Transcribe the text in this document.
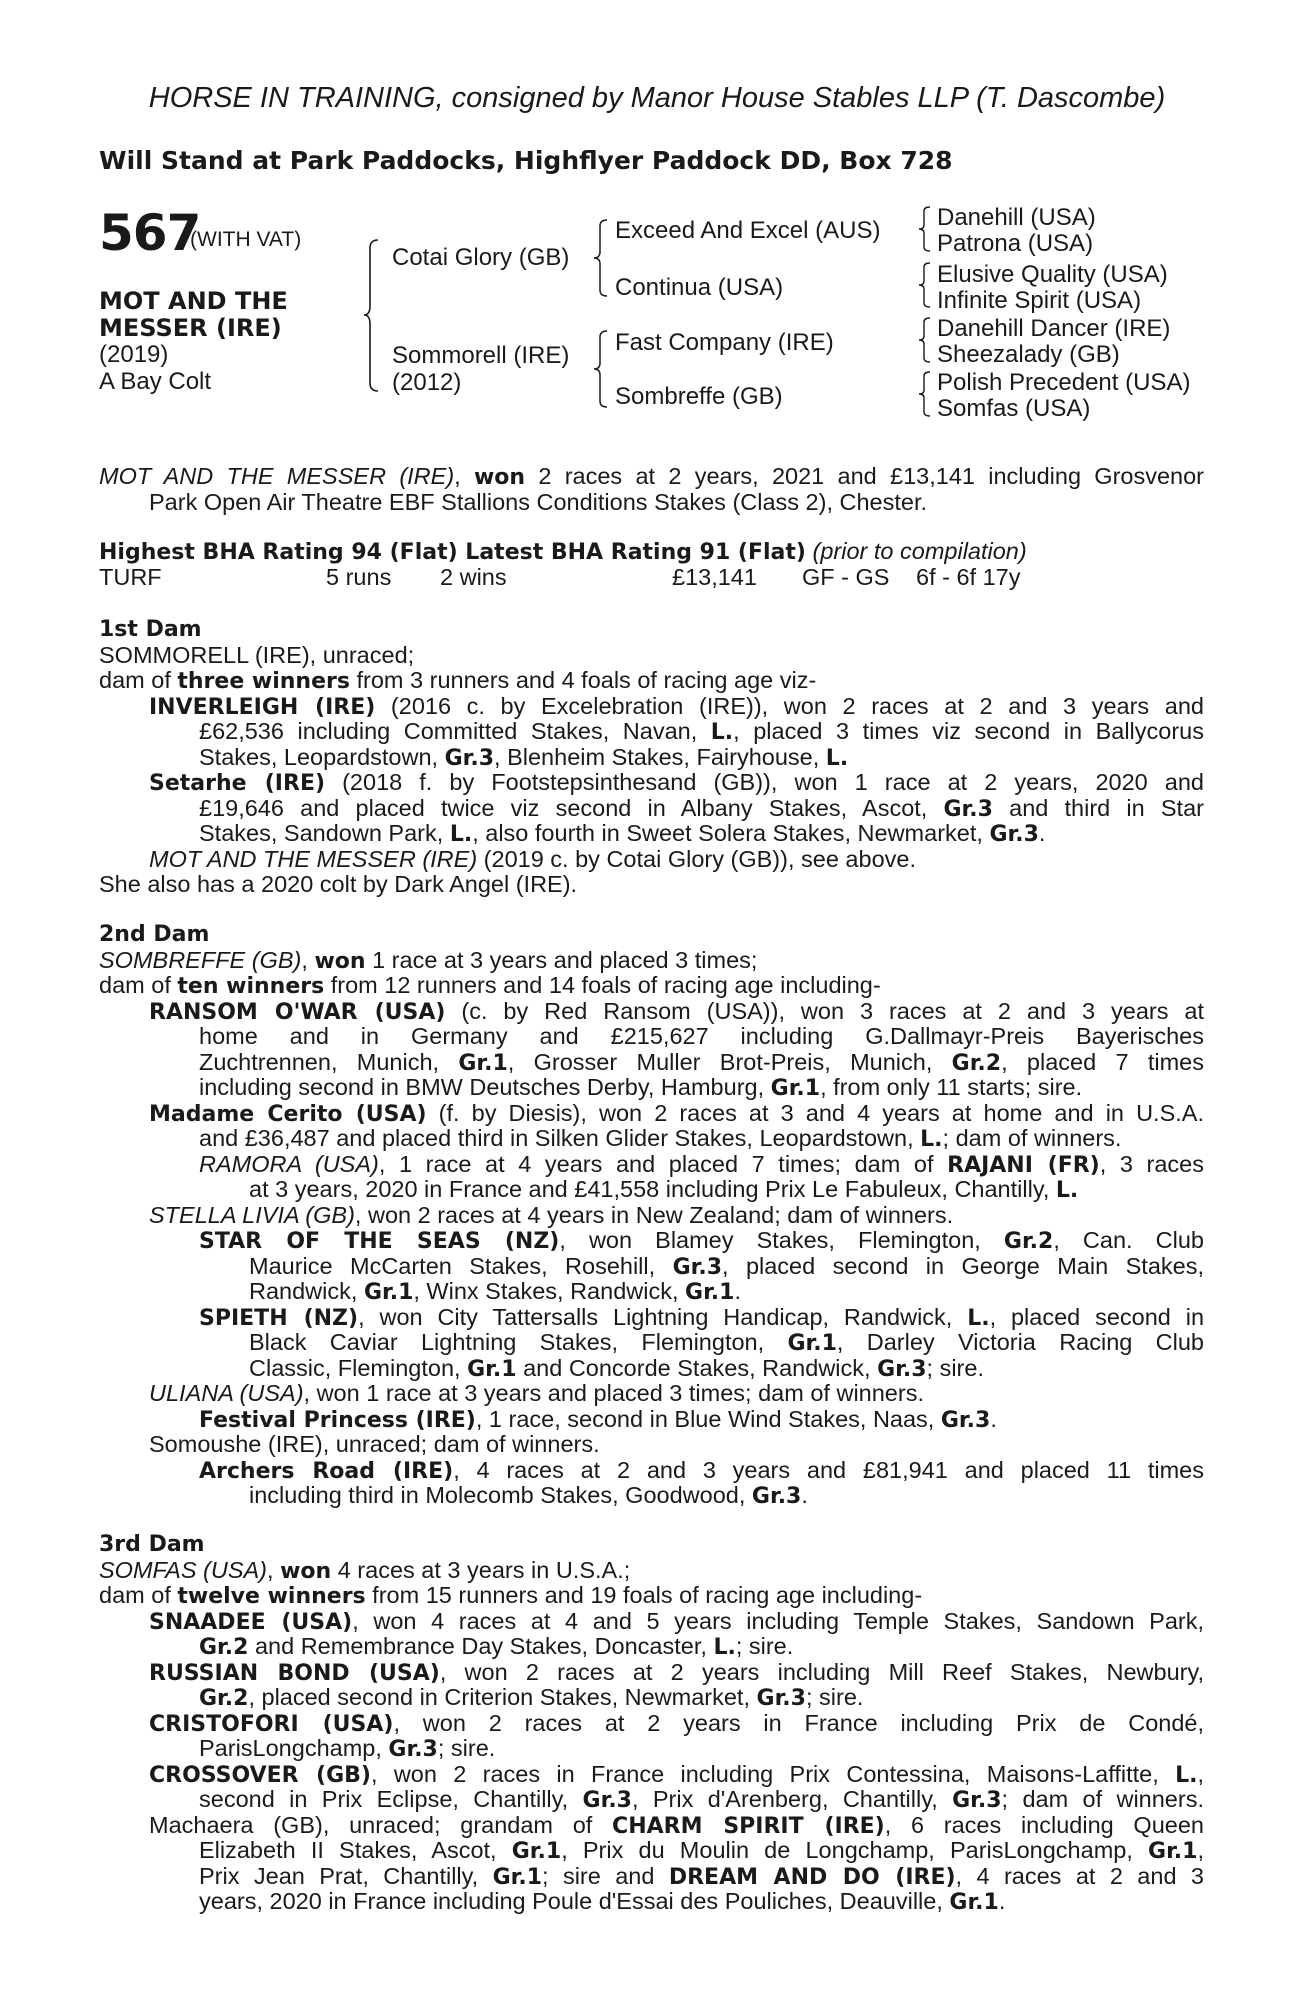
HORSE IN TRAINING, consigned by Manor House Stables LLP (T. Dascombe)
Will Stand at Park Paddocks, Highflyer Paddock DD, Box 728
567
(WITH VAT)
MOT AND THE
MESSER (IRE)
(2019)
A Bay Colt
Cotai Glory (GB)
Sommorell (IRE)
(2012)
Exceed And Excel (AUS)
Continua (USA)
Fast Company (IRE)
Sombreffe (GB)
Danehill (USA)
Patrona (USA)
Elusive Quality (USA)
Infinite Spirit (USA)
Danehill Dancer (IRE)
Sheezalady (GB)
Polish Precedent (USA)
Somfas (USA)
MOT AND THE MESSER (IRE), won 2 races at 2 years, 2021 and £13,141 including Grosvenor
Park Open Air Theatre EBF Stallions Conditions Stakes (Class 2), Chester.
Highest BHA Rating 94 (Flat) Latest BHA Rating 91 (Flat) (prior to compilation)
TURF	5 runs 2 wins	£13,141 GF - GS 6f - 6f 17y
1st Dam
SOMMORELL (IRE), unraced;
dam of three winners from 3 runners and 4 foals of racing age viz-
INVERLEIGH (IRE) (2016 c. by Excelebration (IRE)), won 2 races at 2 and 3 years and
£62,536 including Committed Stakes, Navan, L., placed 3 times viz second in Ballycorus
Stakes, Leopardstown, Gr.3, Blenheim Stakes, Fairyhouse, L.
Setarhe (IRE) (2018 f. by Footstepsinthesand (GB)), won 1 race at 2 years, 2020 and
£19,646 and placed twice viz second in Albany Stakes, Ascot, Gr.3 and third in Star
Stakes, Sandown Park, L., also fourth in Sweet Solera Stakes, Newmarket, Gr.3.
MOT AND THE MESSER (IRE) (2019 c. by Cotai Glory (GB)), see above.
She also has a 2020 colt by Dark Angel (IRE).
2nd Dam
SOMBREFFE (GB), won 1 race at 3 years and placed 3 times;
dam of ten winners from 12 runners and 14 foals of racing age including-
RANSOM O'WAR (USA) (c. by Red Ransom (USA)), won 3 races at 2 and 3 years at
home and in Germany and £215,627 including G.Dallmayr-Preis Bayerisches
Zuchtrennen, Munich, Gr.1, Grosser Muller Brot-Preis, Munich, Gr.2, placed 7 times
including second in BMW Deutsches Derby, Hamburg, Gr.1, from only 11 starts; sire.
Madame Cerito (USA) (f. by Diesis), won 2 races at 3 and 4 years at home and in U.S.A.
and £36,487 and placed third in Silken Glider Stakes, Leopardstown, L.; dam of winners.
RAMORA (USA), 1 race at 4 years and placed 7 times; dam of RAJANI (FR), 3 races
at 3 years, 2020 in France and £41,558 including Prix Le Fabuleux, Chantilly, L.
STELLA LIVIA (GB), won 2 races at 4 years in New Zealand; dam of winners.
STAR OF THE SEAS (NZ), won Blamey Stakes, Flemington, Gr.2, Can. Club
Maurice McCarten Stakes, Rosehill, Gr.3, placed second in George Main Stakes,
Randwick, Gr.1, Winx Stakes, Randwick, Gr.1.
SPIETH (NZ), won City Tattersalls Lightning Handicap, Randwick, L., placed second in
Black Caviar Lightning Stakes, Flemington, Gr.1, Darley Victoria Racing Club
Classic, Flemington, Gr.1 and Concorde Stakes, Randwick, Gr.3; sire.
ULIANA (USA), won 1 race at 3 years and placed 3 times; dam of winners.
Festival Princess (IRE), 1 race, second in Blue Wind Stakes, Naas, Gr.3.
Somoushe (IRE), unraced; dam of winners.
Archers Road (IRE), 4 races at 2 and 3 years and £81,941 and placed 11 times
including third in Molecomb Stakes, Goodwood, Gr.3.
3rd Dam
SOMFAS (USA), won 4 races at 3 years in U.S.A.;
dam of twelve winners from 15 runners and 19 foals of racing age including-
SNAADEE (USA), won 4 races at 4 and 5 years including Temple Stakes, Sandown Park,
Gr.2 and Remembrance Day Stakes, Doncaster, L.; sire.
RUSSIAN BOND (USA), won 2 races at 2 years including Mill Reef Stakes, Newbury,
Gr.2, placed second in Criterion Stakes, Newmarket, Gr.3; sire.
CRISTOFORI (USA), won 2 races at 2 years in France including Prix de Condé,
ParisLongchamp, Gr.3; sire.
CROSSOVER (GB), won 2 races in France including Prix Contessina, Maisons-Laffitte, L.,
second in Prix Eclipse, Chantilly, Gr.3, Prix d'Arenberg, Chantilly, Gr.3; dam of winners.
Machaera (GB), unraced; grandam of CHARM SPIRIT (IRE), 6 races including Queen
Elizabeth II Stakes, Ascot, Gr.1, Prix du Moulin de Longchamp, ParisLongchamp, Gr.1,
Prix Jean Prat, Chantilly, Gr.1; sire and DREAM AND DO (IRE), 4 races at 2 and 3
years, 2020 in France including Poule d'Essai des Pouliches, Deauville, Gr.1.
